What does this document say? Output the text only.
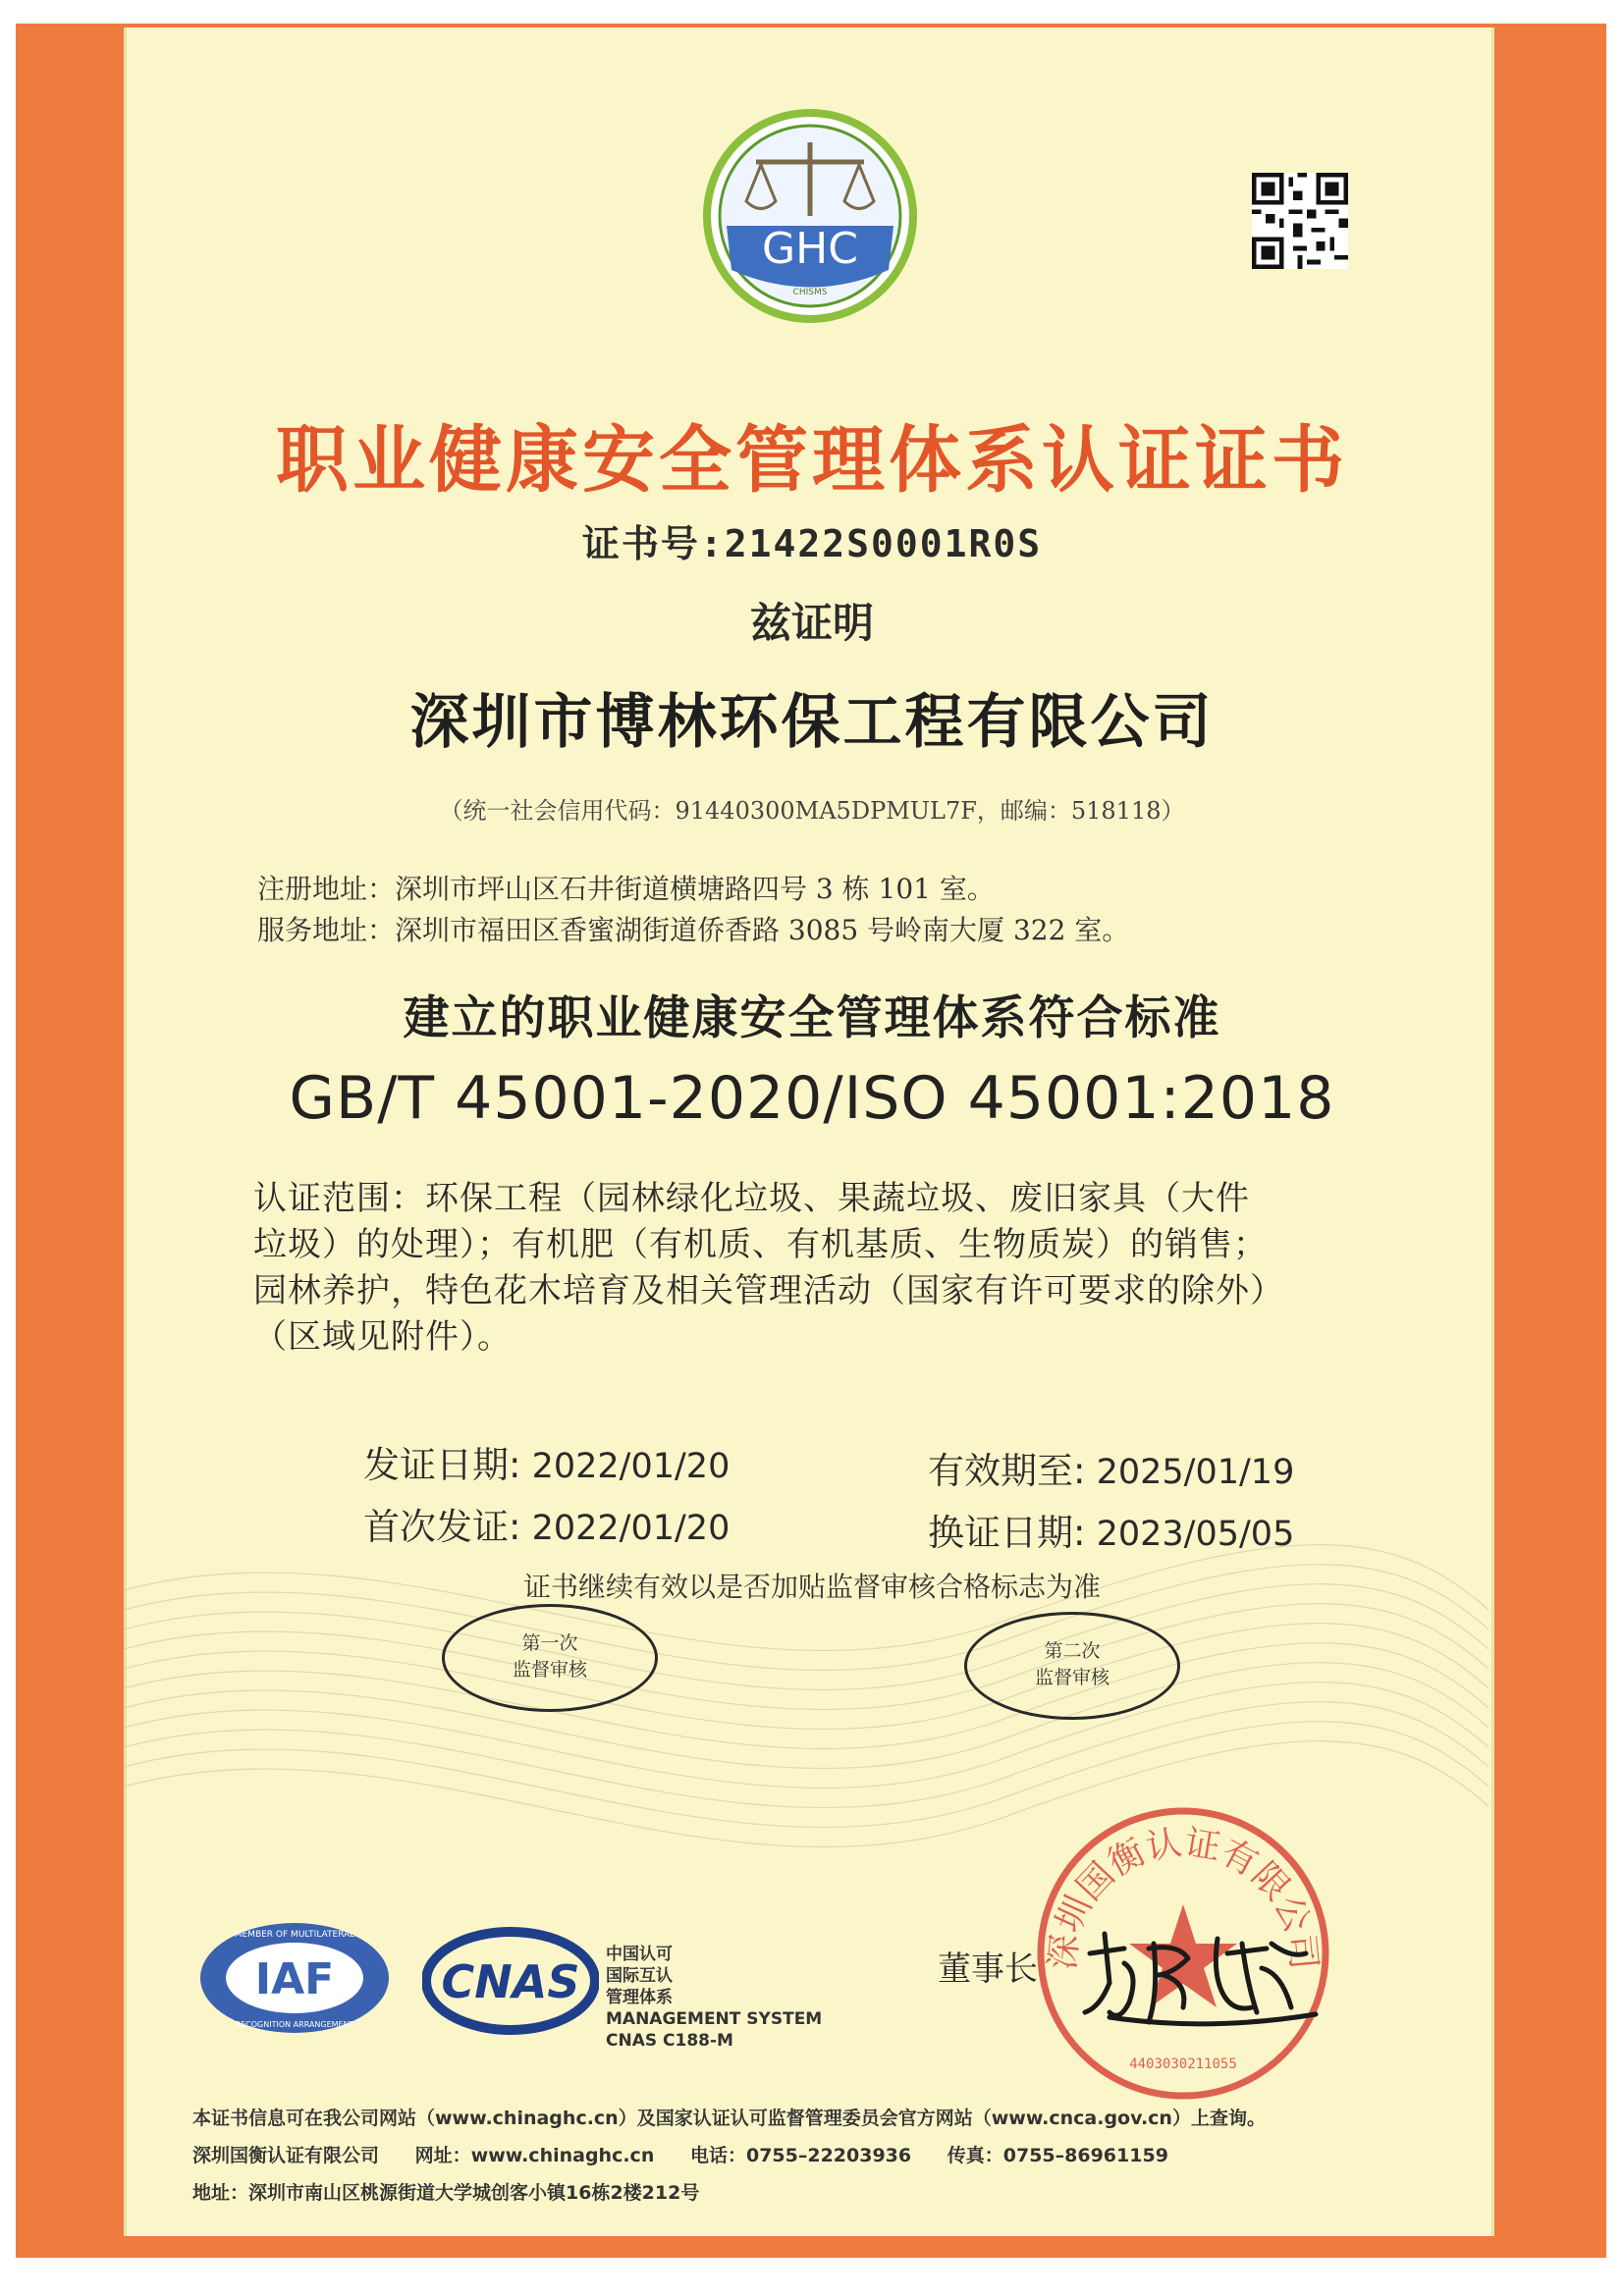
GHC
CHISMS
职业健康安全管理体系认证证书
证书号:21422S0001R0S
兹证明
深圳市博林环保工程有限公司
（统一社会信用代码：91440300MA5DPMUL7F，邮编：518118）
注册地址：深圳市坪山区石井街道横塘路四号 3 栋 101 室。
服务地址：深圳市福田区香蜜湖街道侨香路 3085 号岭南大厦 322 室。
建立的职业健康安全管理体系符合标准
GB/T 45001-2020/ISO 45001:2018
认证范围：环保工程（园林绿化垃圾、果蔬垃圾、废旧家具（大件
垃圾）的处理）；有机肥（有机质、有机基质、生物质炭）的销售；
园林养护，特色花木培育及相关管理活动（国家有许可要求的除外）
（区域见附件）。
发证日期: 2022/01/20	有效期至: 2025/01/19
首次发证: 2022/01/20	换证日期: 2023/05/05
证书继续有效以是否加贴监督审核合格标志为准
第一次
监督审核
第二次
监督审核
IAF
MEMBER OF MULTILATERAL
RECOGNITION ARRANGEMENT
CNAS
中国认可
国际互认
管理体系
MANAGEMENT SYSTEM
CNAS C188-M
深圳国衡认证有限公司
4403030211055
董事长
本证书信息可在我公司网站（www.chinaghc.cn）及国家认证认可监督管理委员会官方网站（www.cnca.gov.cn）上查询。
深圳国衡认证有限公司 网址：www.chinaghc.cn 电话：0755–22203936 传真：0755–86961159
地址：深圳市南山区桃源街道大学城创客小镇16栋2楼212号
